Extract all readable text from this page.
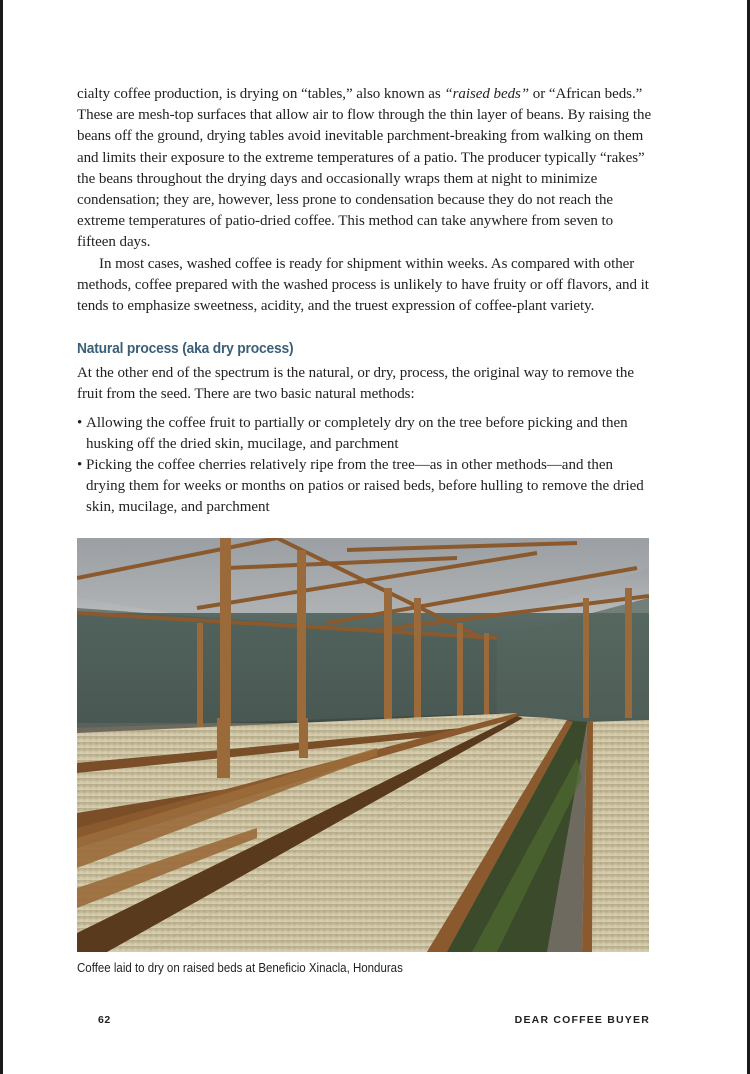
cialty coffee production, is drying on “tables,” also known as “raised beds” or “African beds.” These are mesh-top surfaces that allow air to flow through the thin layer of beans. By raising the beans off the ground, drying tables avoid inevitable parchment-breaking from walking on them and limits their exposure to the extreme temperatures of a patio. The producer typically “rakes” the beans throughout the drying days and occasionally wraps them at night to minimize condensation; they are, however, less prone to condensation because they do not reach the extreme temperatures of patio-dried coffee. This method can take anywhere from seven to fifteen days.

In most cases, washed coffee is ready for shipment within weeks. As compared with other methods, coffee prepared with the washed process is unlikely to have fruity or off flavors, and it tends to emphasize sweetness, acidity, and the truest expression of coffee-plant variety.

Natural process (aka dry process)

At the other end of the spectrum is the natural, or dry, process, the original way to remove the fruit from the seed. There are two basic natural methods:

• Allowing the coffee fruit to partially or completely dry on the tree before picking and then husking off the dried skin, mucilage, and parchment
• Picking the coffee cherries relatively ripe from the tree—as in other methods—and then drying them for weeks or months on patios or raised beds, before hulling to remove the dried skin, mucilage, and parchment
Coffee laid to dry on raised beds at Beneficio Xinacla, Honduras
62	DEAR COFFEE BUYER
